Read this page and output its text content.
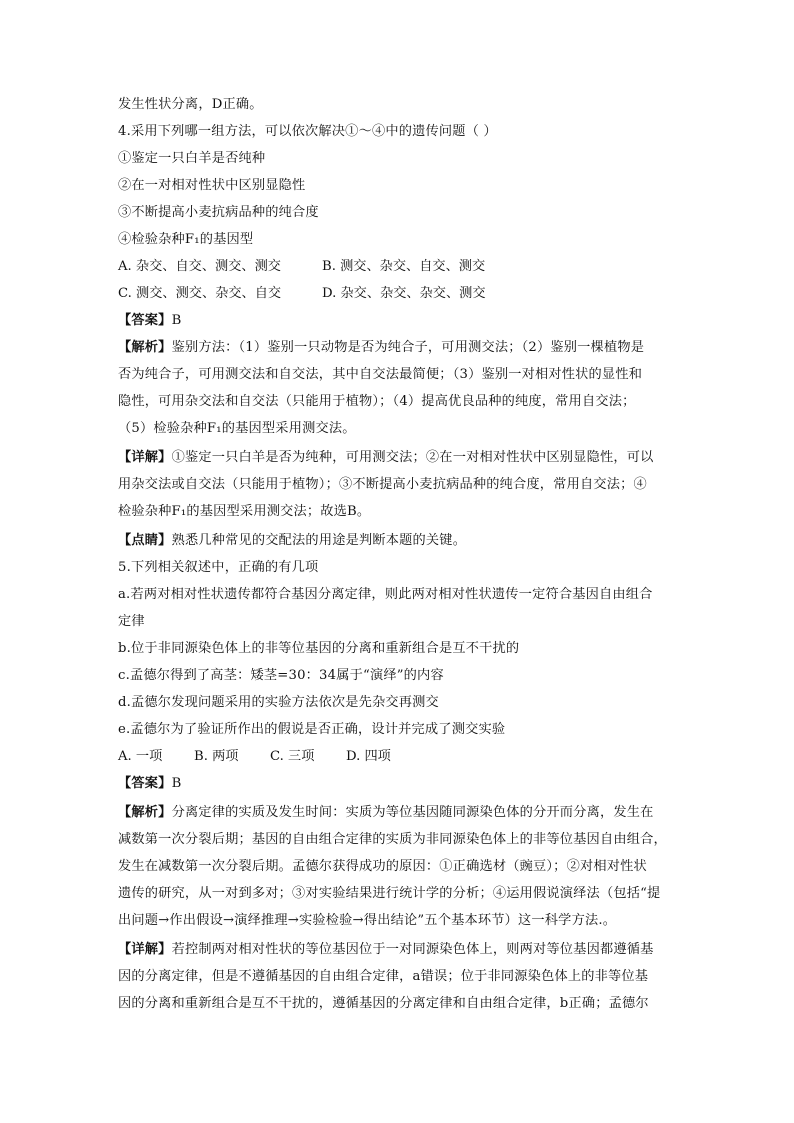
发生性状分离，D正确。
4.采用下列哪一组方法，可以依次解决①～④中的遗传问题（ ）
①鉴定一只白羊是否纯种
②在一对相对性状中区别显隐性
③不断提高小麦抗病品种的纯合度
④检验杂种F₁的基因型
A. 杂交、自交、测交、测交	B. 测交、杂交、自交、测交
C. 测交、测交、杂交、自交	D. 杂交、杂交、杂交、测交
【答案】B
【解析】鉴别方法：（1）鉴别一只动物是否为纯合子，可用测交法；（2）鉴别一棵植物是
否为纯合子，可用测交法和自交法，其中自交法最简便；（3）鉴别一对相对性状的显性和
隐性，可用杂交法和自交法（只能用于植物）；（4）提高优良品种的纯度，常用自交法；
（5）检验杂种F₁的基因型采用测交法。
【详解】①鉴定一只白羊是否为纯种，可用测交法；②在一对相对性状中区别显隐性，可以
用杂交法或自交法（只能用于植物）；③不断提高小麦抗病品种的纯合度，常用自交法；④
检验杂种F₁的基因型采用测交法；故选B。
【点睛】熟悉几种常见的交配法的用途是判断本题的关键。
5.下列相关叙述中，正确的有几项
a.若两对相对性状遗传都符合基因分离定律，则此两对相对性状遗传一定符合基因自由组合
定律
b.位于非同源染色体上的非等位基因的分离和重新组合是互不干扰的
c.孟德尔得到了高茎：矮茎=30：34属于“演绎”的内容
d.孟德尔发现问题采用的实验方法依次是先杂交再测交
e.孟德尔为了验证所作出的假说是否正确，设计并完成了测交实验
A. 一项 B. 两项 C. 三项 D. 四项
【答案】B
【解析】分离定律的实质及发生时间：实质为等位基因随同源染色体的分开而分离，发生在
减数第一次分裂后期；基因的自由组合定律的实质为非同源染色体上的非等位基因自由组合，
发生在减数第一次分裂后期。孟德尔获得成功的原因：①正确选材（豌豆）；②对相对性状
遗传的研究，从一对到多对；③对实验结果进行统计学的分析；④运用假说演绎法（包括“提
出问题→作出假设→演绎推理→实验检验→得出结论”五个基本环节）这一科学方法.。
【详解】若控制两对相对性状的等位基因位于一对同源染色体上，则两对等位基因都遵循基
因的分离定律，但是不遵循基因的自由组合定律，a错误；位于非同源染色体上的非等位基
因的分离和重新组合是互不干扰的，遵循基因的分离定律和自由组合定律，b正确；孟德尔
